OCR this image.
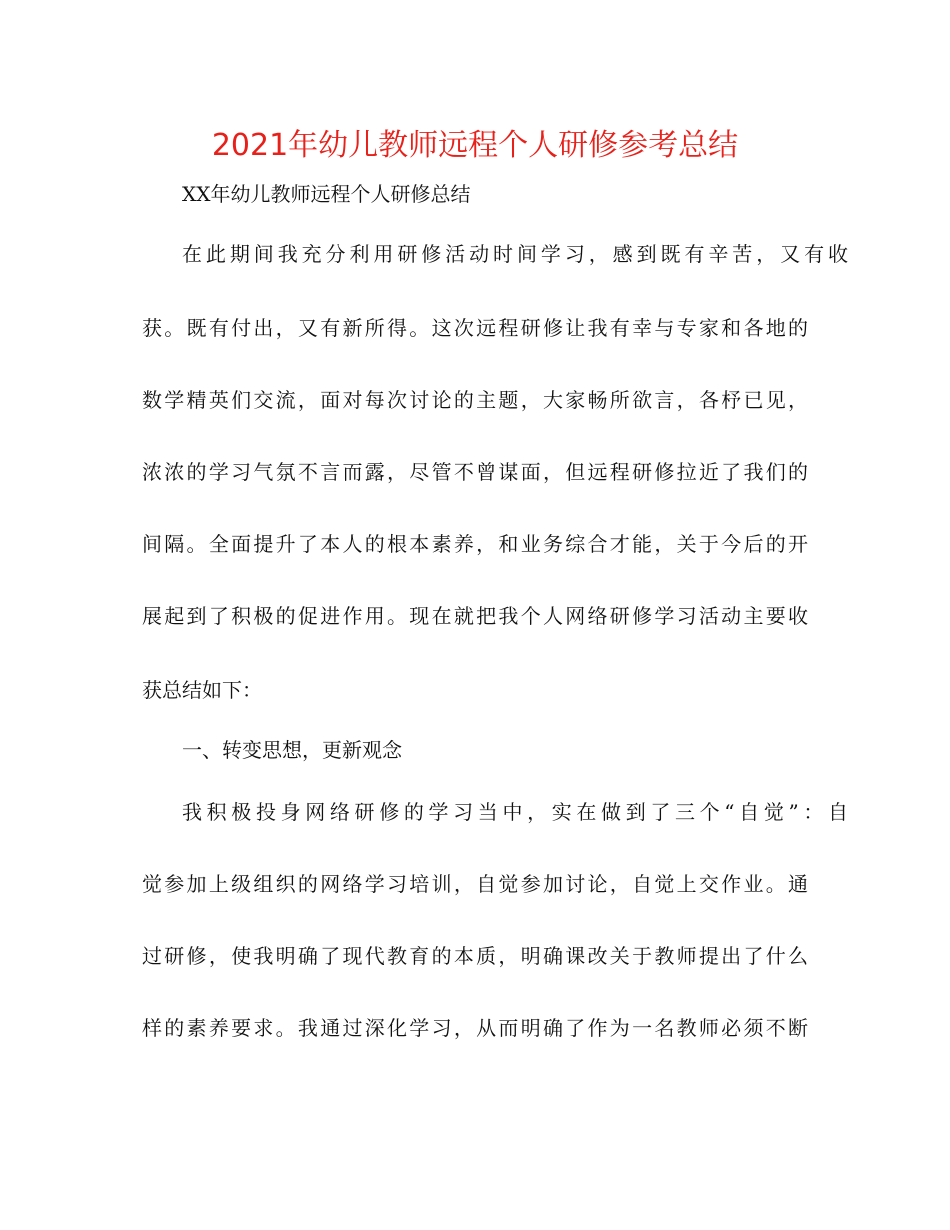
2021年幼儿教师远程个人研修参考总结

XX年幼儿教师远程个人研修总结

在此期间我充分利用研修活动时间学习，感到既有辛苦，又有收

获。既有付出，又有新所得。这次远程研修让我有幸与专家和各地的

数学精英们交流，面对每次讨论的主题，大家畅所欲言，各杼已见，

浓浓的学习气氛不言而露，尽管不曾谋面，但远程研修拉近了我们的

间隔。全面提升了本人的根本素养，和业务综合才能，关于今后的开

展起到了积极的促进作用。现在就把我个人网络研修学习活动主要收

获总结如下：

一、转变思想，更新观念

我积极投身网络研修的学习当中，实在做到了三个“自觉”：自

觉参加上级组织的网络学习培训，自觉参加讨论，自觉上交作业。通

过研修，使我明确了现代教育的本质，明确课改关于教师提出了什么

样的素养要求。我通过深化学习，从而明确了作为一名教师必须不断
